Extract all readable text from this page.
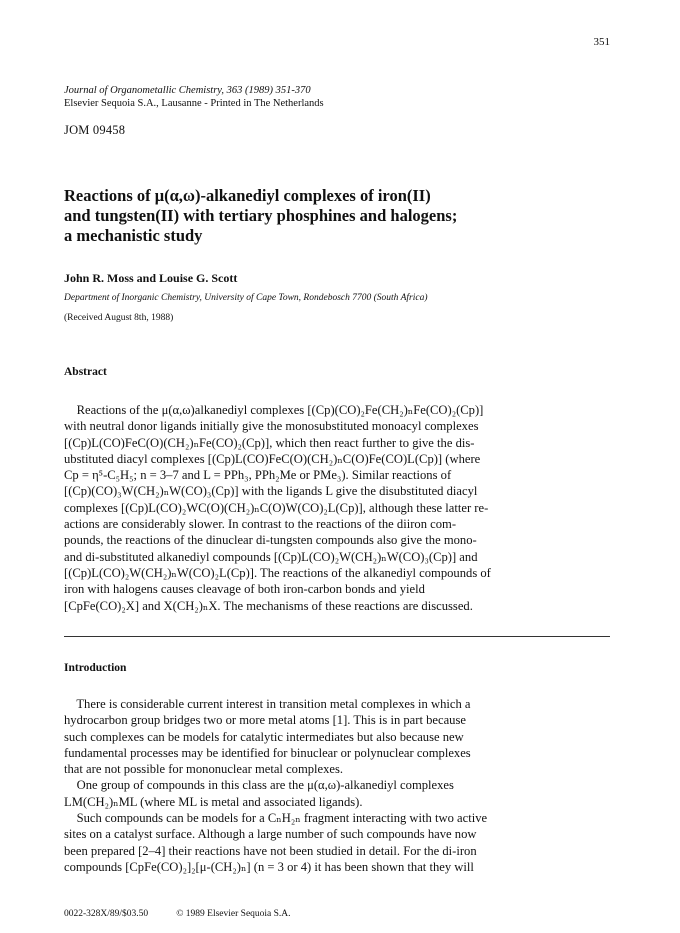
351
Journal of Organometallic Chemistry, 363 (1989) 351-370
Elsevier Sequoia S.A., Lausanne - Printed in The Netherlands
JOM 09458
Reactions of μ(α,ω)-alkanediyl complexes of iron(II)
and tungsten(II) with tertiary phosphines and halogens;
a mechanistic study
John R. Moss and Louise G. Scott
Department of Inorganic Chemistry, University of Cape Town, Rondebosch 7700 (South Africa)
(Received August 8th, 1988)
Abstract
Reactions of the μ(α,ω)alkanediyl complexes [(Cp)(CO)₂Fe(CH₂)ₙFe(CO)₂(Cp)]
with neutral donor ligands initially give the monosubstituted monoacyl complexes
[(Cp)L(CO)FeC(O)(CH₂)ₙFe(CO)₂(Cp)], which then react further to give the dis-
ubstituted diacyl complexes [(Cp)L(CO)FeC(O)(CH₂)ₙC(O)Fe(CO)L(Cp)] (where
Cp = η⁵-C₅H₅; n = 3–7 and L = PPh₃, PPh₂Me or PMe₃). Similar reactions of
[(Cp)(CO)₃W(CH₂)ₙW(CO)₃(Cp)] with the ligands L give the disubstituted diacyl
complexes [(Cp)L(CO)₂WC(O)(CH₂)ₙC(O)W(CO)₂L(Cp)], although these latter re-
actions are considerably slower. In contrast to the reactions of the diiron com-
pounds, the reactions of the dinuclear di-tungsten compounds also give the mono-
and di-substituted alkanediyl compounds [(Cp)L(CO)₂W(CH₂)ₙW(CO)₃(Cp)] and
[(Cp)L(CO)₂W(CH₂)ₙW(CO)₂L(Cp)]. The reactions of the alkanediyl compounds of
iron with halogens causes cleavage of both iron-carbon bonds and yield
[CpFe(CO)₂X] and X(CH₂)ₙX. The mechanisms of these reactions are discussed.
Introduction
There is considerable current interest in transition metal complexes in which a
hydrocarbon group bridges two or more metal atoms [1]. This is in part because
such complexes can be models for catalytic intermediates but also because new
fundamental processes may be identified for binuclear or polynuclear complexes
that are not possible for mononuclear metal complexes.
One group of compounds in this class are the μ(α,ω)-alkanediyl complexes
LM(CH₂)ₙML (where ML is metal and associated ligands).
Such compounds can be models for a CₙH₂ₙ fragment interacting with two active
sites on a catalyst surface. Although a large number of such compounds have now
been prepared [2–4] their reactions have not been studied in detail. For the di-iron
compounds [CpFe(CO)₂]₂[μ-(CH₂)ₙ] (n = 3 or 4) it has been shown that they will
0022-328X/89/$03.50	© 1989 Elsevier Sequoia S.A.
